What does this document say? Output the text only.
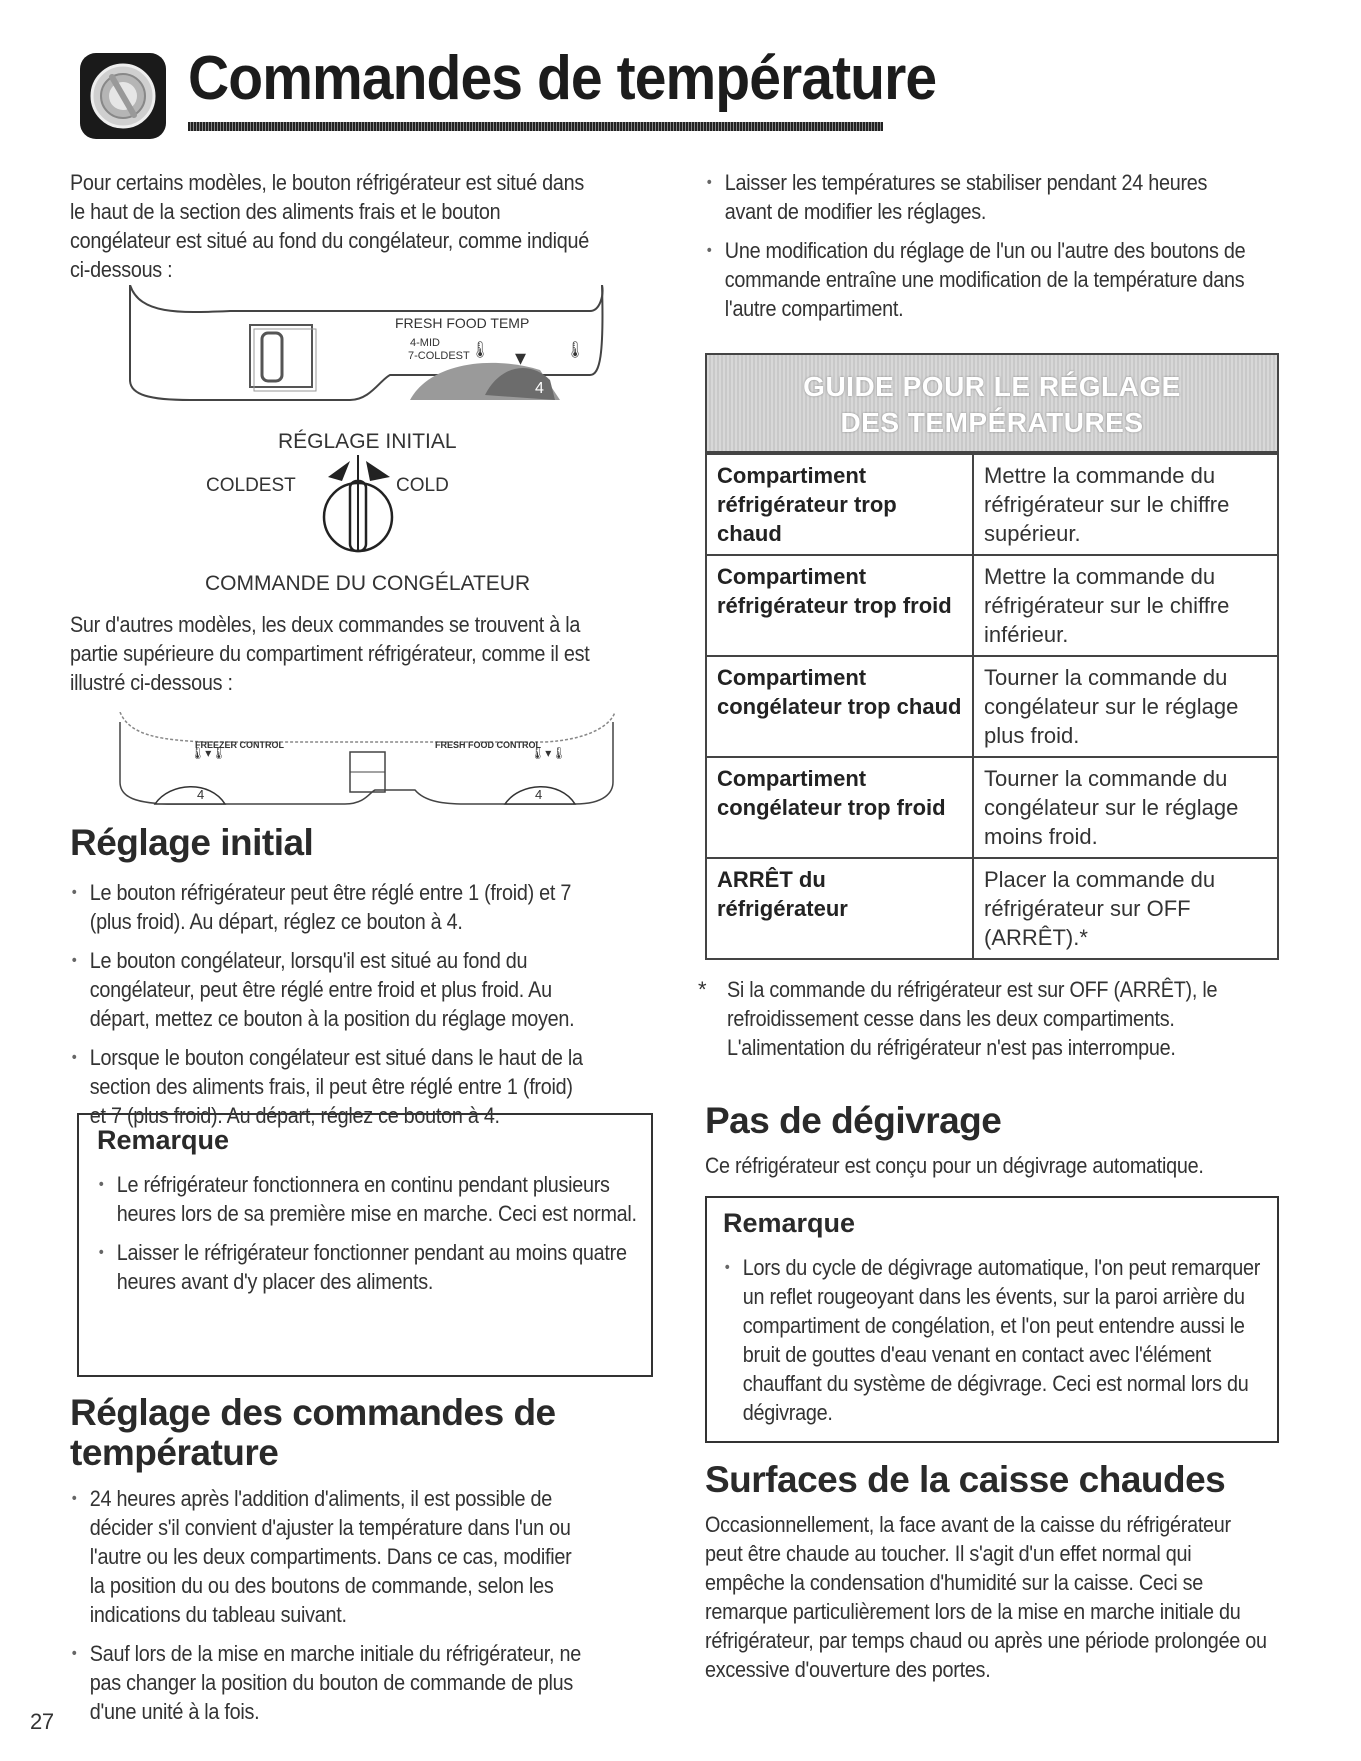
Commandes de température
Pour certains modèles, le bouton réfrigérateur est situé dans le haut de la section des aliments frais et le bouton congélateur est situé au fond du congélateur, comme indiqué ci-dessous :
4
▾
🌡	🌡
FRESH FOOD TEMP
4-MID
7-COLDEST
RÉGLAGE INITIAL
COLDEST	COLD
COMMANDE DU CONGÉLATEUR
Sur d'autres modèles, les deux commandes se trouvent à la partie supérieure du compartiment réfrigérateur, comme il est illustré ci-dessous :
🌡▾🌡	🌡▾🌡
FREEZER CONTROL	FRESH FOOD CONTROL
4	4
Réglage initial
• Le bouton réfrigérateur peut être réglé entre 1 (froid) et 7 (plus froid). Au départ, réglez ce bouton à 4.
• Le bouton congélateur, lorsqu'il est situé au fond du congélateur, peut être réglé entre froid et plus froid. Au départ, mettez ce bouton à la position du réglage moyen.
• Lorsque le bouton congélateur est situé dans le haut de la section des aliments frais, il peut être réglé entre 1 (froid) et 7 (plus froid). Au départ, réglez ce bouton à 4.
Remarque
• Le réfrigérateur fonctionnera en continu pendant plusieurs heures lors de sa première mise en marche. Ceci est normal.
• Laisser le réfrigérateur fonctionner pendant au moins quatre heures avant d'y placer des aliments.
Réglage des commandes de température
• 24 heures après l'addition d'aliments, il est possible de décider s'il convient d'ajuster la température dans l'un ou l'autre ou les deux compartiments. Dans ce cas, modifier la position du ou des boutons de commande, selon les indications du tableau suivant.
• Sauf lors de la mise en marche initiale du réfrigérateur, ne pas changer la position du bouton de commande de plus d'une unité à la fois.
27
• Laisser les températures se stabiliser pendant 24 heures avant de modifier les réglages.
• Une modification du réglage de l'un ou l'autre des boutons de commande entraîne une modification de la température dans l'autre compartiment.
GUIDE POUR LE RÉGLAGE
DES TEMPÉRATURES
Compartiment réfrigérateur trop chaud	Mettre la commande du réfrigérateur sur le chiffre supérieur.
Compartiment réfrigérateur trop froid	Mettre la commande du réfrigérateur sur le chiffre inférieur.
Compartiment congélateur trop chaud	Tourner la commande du congélateur sur le réglage plus froid.
Compartiment congélateur trop froid	Tourner la commande du congélateur sur le réglage moins froid.
ARRÊT du réfrigérateur	Placer la commande du réfrigérateur sur OFF (ARRÊT).*
* Si la commande du réfrigérateur est sur OFF (ARRÊT), le refroidissement cesse dans les deux compartiments. L'alimentation du réfrigérateur n'est pas interrompue.
Pas de dégivrage
Ce réfrigérateur est conçu pour un dégivrage automatique.
Remarque
• Lors du cycle de dégivrage automatique, l'on peut remarquer un reflet rougeoyant dans les évents, sur la paroi arrière du compartiment de congélation, et l'on peut entendre aussi le bruit de gouttes d'eau venant en contact avec l'élément chauffant du système de dégivrage. Ceci est normal lors du dégivrage.
Surfaces de la caisse chaudes
Occasionnellement, la face avant de la caisse du réfrigérateur peut être chaude au toucher. Il s'agit d'un effet normal qui empêche la condensation d'humidité sur la caisse. Ceci se remarque particulièrement lors de la mise en marche initiale du réfrigérateur, par temps chaud ou après une période prolongée ou excessive d'ouverture des portes.
